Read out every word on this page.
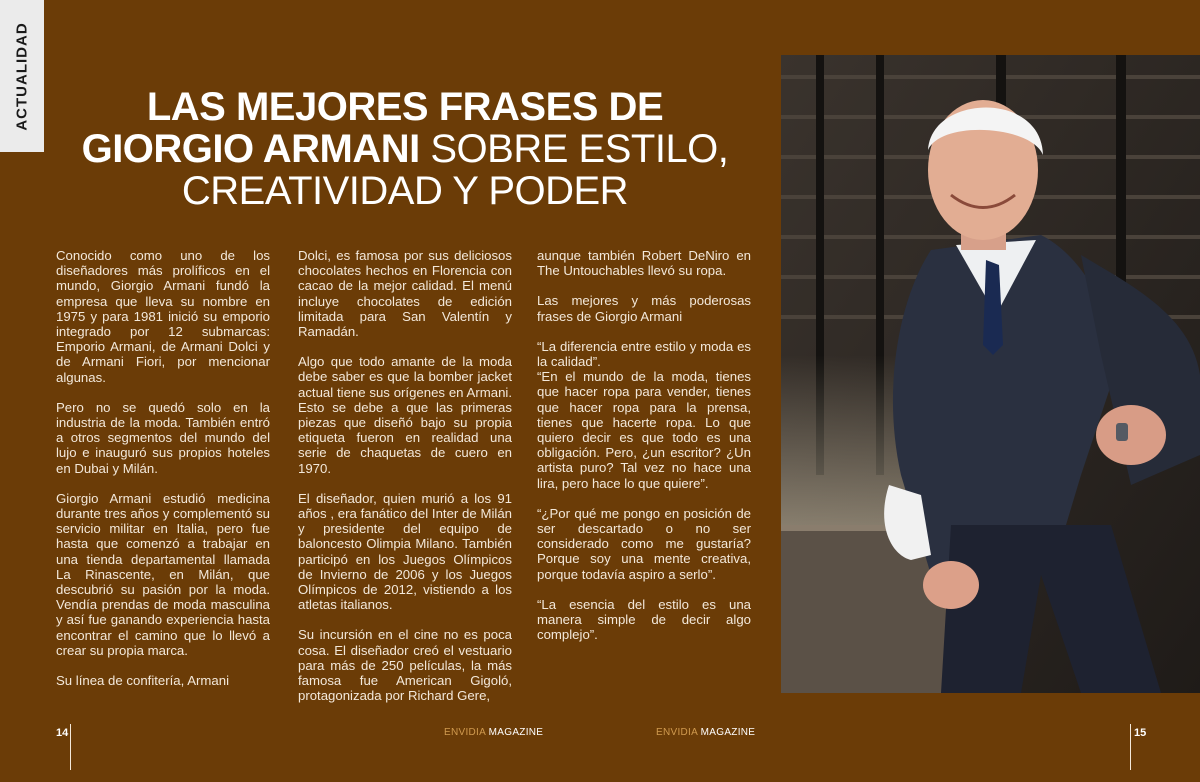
ACTUALIDAD	LAS MEJORES FRASES DE
GIORGIO ARMANI SOBRE ESTILO,
CREATIVIDAD Y PODER

Conocido como uno de los diseñadores más prolíficos en el mundo, Giorgio Armani fundó la empresa que lleva su nombre en 1975 y para 1981 inició su emporio integrado por 12 submarcas: Emporio Armani, de Armani Dolci y de Armani Fiori, por mencionar algunas.

Pero no se quedó solo en la industria de la moda. También entró a otros segmentos del mundo del lujo e inauguró sus propios hoteles en Dubai y Milán.

Giorgio Armani estudió medicina durante tres años y complementó su servicio militar en Italia, pero fue hasta que comenzó a trabajar en una tienda departamental llamada La Rinascente, en Milán, que descubrió su pasión por la moda. Vendía prendas de moda masculina y así fue ganando experiencia hasta encontrar el camino que lo llevó a crear su propia marca.

Su línea de confitería, Armani

Dolci, es famosa por sus deliciosos chocolates hechos en Florencia con cacao de la mejor calidad. El menú incluye chocolates de edición limitada para San Valentín y Ramadán.

Algo que todo amante de la moda debe saber es que la bomber jacket actual tiene sus orígenes en Armani. Esto se debe a que las primeras piezas que diseñó bajo su propia etiqueta fueron en realidad una serie de chaquetas de cuero en 1970.

El diseñador, quien murió a los 91 años , era fanático del Inter de Milán y presidente del equipo de baloncesto Olimpia Milano. También participó en los Juegos Olímpicos de Invierno de 2006 y los Juegos Olímpicos de 2012, vistiendo a los atletas italianos.

Su incursión en el cine no es poca cosa. El diseñador creó el vestuario para más de 250 películas, la más famosa fue American Gigoló, protagonizada por Richard Gere,

aunque también Robert DeNiro en The Untouchables llevó su ropa.

Las mejores y más poderosas frases de Giorgio Armani

“La diferencia entre estilo y moda es la calidad”.

“En el mundo de la moda, tienes que hacer ropa para vender, tienes que hacer ropa para la prensa, tienes que hacerte ropa. Lo que quiero decir es que todo es una obligación. Pero, ¿un escritor? ¿Un artista puro? Tal vez no hace una lira, pero hace lo que quiere”.

“¿Por qué me pongo en posición de ser descartado o no ser considerado como me gustaría? Porque soy una mente creativa, porque todavía aspiro a serlo”.

“La esencia del estilo es una manera simple de decir algo complejo”.

14	ENVIDIA MAGAZINE	ENVIDIA MAGAZINE	15
